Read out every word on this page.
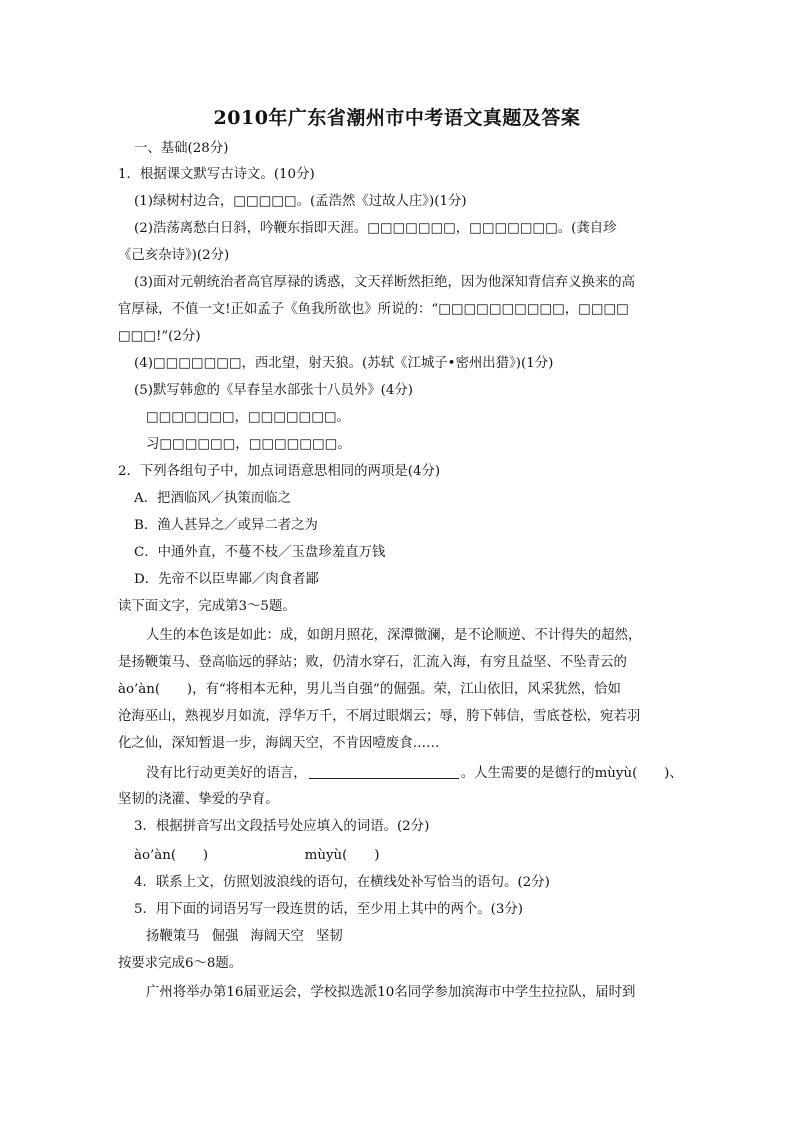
2010年广东省潮州市中考语文真题及答案
一、基础(28分)
1．根据课文默写古诗文。(10分)
(1)绿树村边合，□□□□□。(孟浩然《过故人庄》)(1分)
(2)浩荡离愁白日斜，吟鞭东指即天涯。□□□□□□□，□□□□□□□。(龚自珍
《己亥杂诗》)(2分)
(3)面对元朝统治者高官厚禄的诱惑，文天祥断然拒绝，因为他深知背信弃义换来的高
官厚禄，不值一文!正如孟子《鱼我所欲也》所说的：“□□□□□□□□□□，□□□□
□□□!”(2分)
(4)□□□□□□□，西北望，射天狼。(苏轼《江城子•密州出猎》)(1分)
(5)默写韩愈的《早春呈水部张十八员外》(4分)
□□□□□□□，□□□□□□□。
习□□□□□□，□□□□□□□。
2．下列各组句子中，加点词语意思相同的两项是(4分)
A．把酒临风／执策而临之
B．渔人甚异之／或异二者之为
C．中通外直，不蔓不枝／玉盘珍羞直万钱
D．先帝不以臣卑鄙／肉食者鄙
读下面文字，完成第3～5题。
人生的本色该是如此：成，如朗月照花，深潭微澜，是不论顺逆、不计得失的超然，
是扬鞭策马、登高临远的驿站；败，仍清水穿石，汇流入海，有穷且益坚、不坠青云的
ào’àn(　　)，有“将相本无种，男儿当自强”的倔强。荣，江山依旧，风采犹然，恰如
沧海巫山，熟视岁月如流，浮华万千，不屑过眼烟云；辱，胯下韩信，雪底苍松，宛若羽
化之仙，深知暂退一步，海阔天空，不肯因噎废食……
没有比行动更美好的语言，	。人生需要的是德行的mùyù(　　)、
坚韧的浇灌、挚爱的孕育。
3．根据拼音写出文段括号处应填入的词语。(2分)
ào’àn(　　)	mùyù(　　)
4．联系上文，仿照划波浪线的语句，在横线处补写恰当的语句。(2分)
5．用下面的词语另写一段连贯的话，至少用上其中的两个。(3分)
扬鞭策马 倔强 海阔天空 坚韧
按要求完成6～8题。
广州将举办第16届亚运会，学校拟选派10名同学参加滨海市中学生拉拉队，届时到
